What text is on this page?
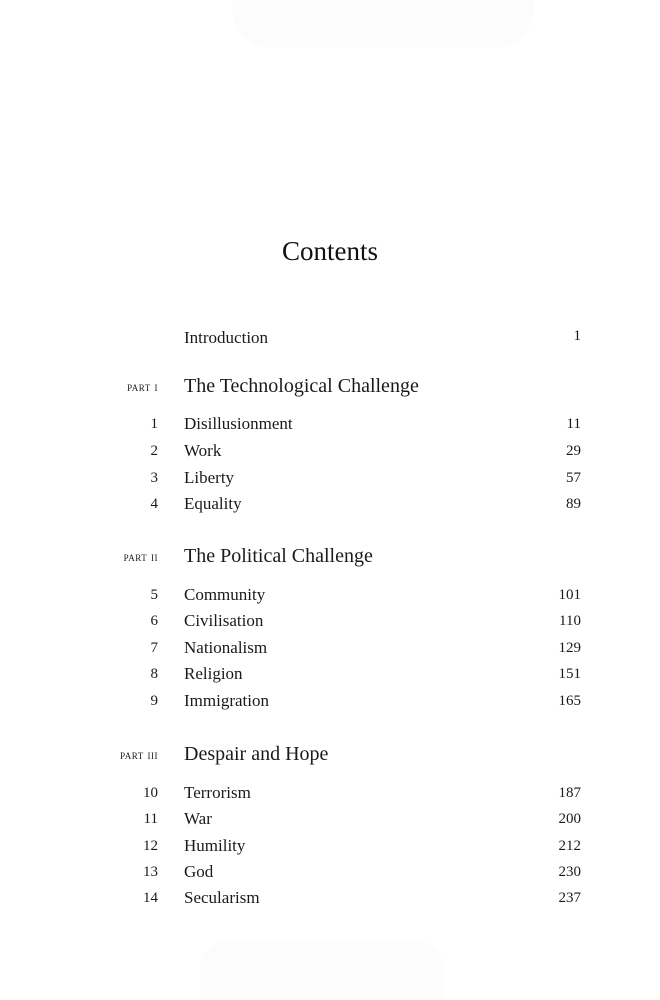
Contents
Introduction	1
part i The Technological Challenge
1 Disillusionment	11
2 Work	29
3 Liberty	57
4 Equality	89
part ii The Political Challenge
5 Community	101
6 Civilisation	110
7 Nationalism	129
8 Religion	151
9 Immigration	165
part iii Despair and Hope
10 Terrorism	187
11 War	200
12 Humility	212
13 God	230
14 Secularism	237
